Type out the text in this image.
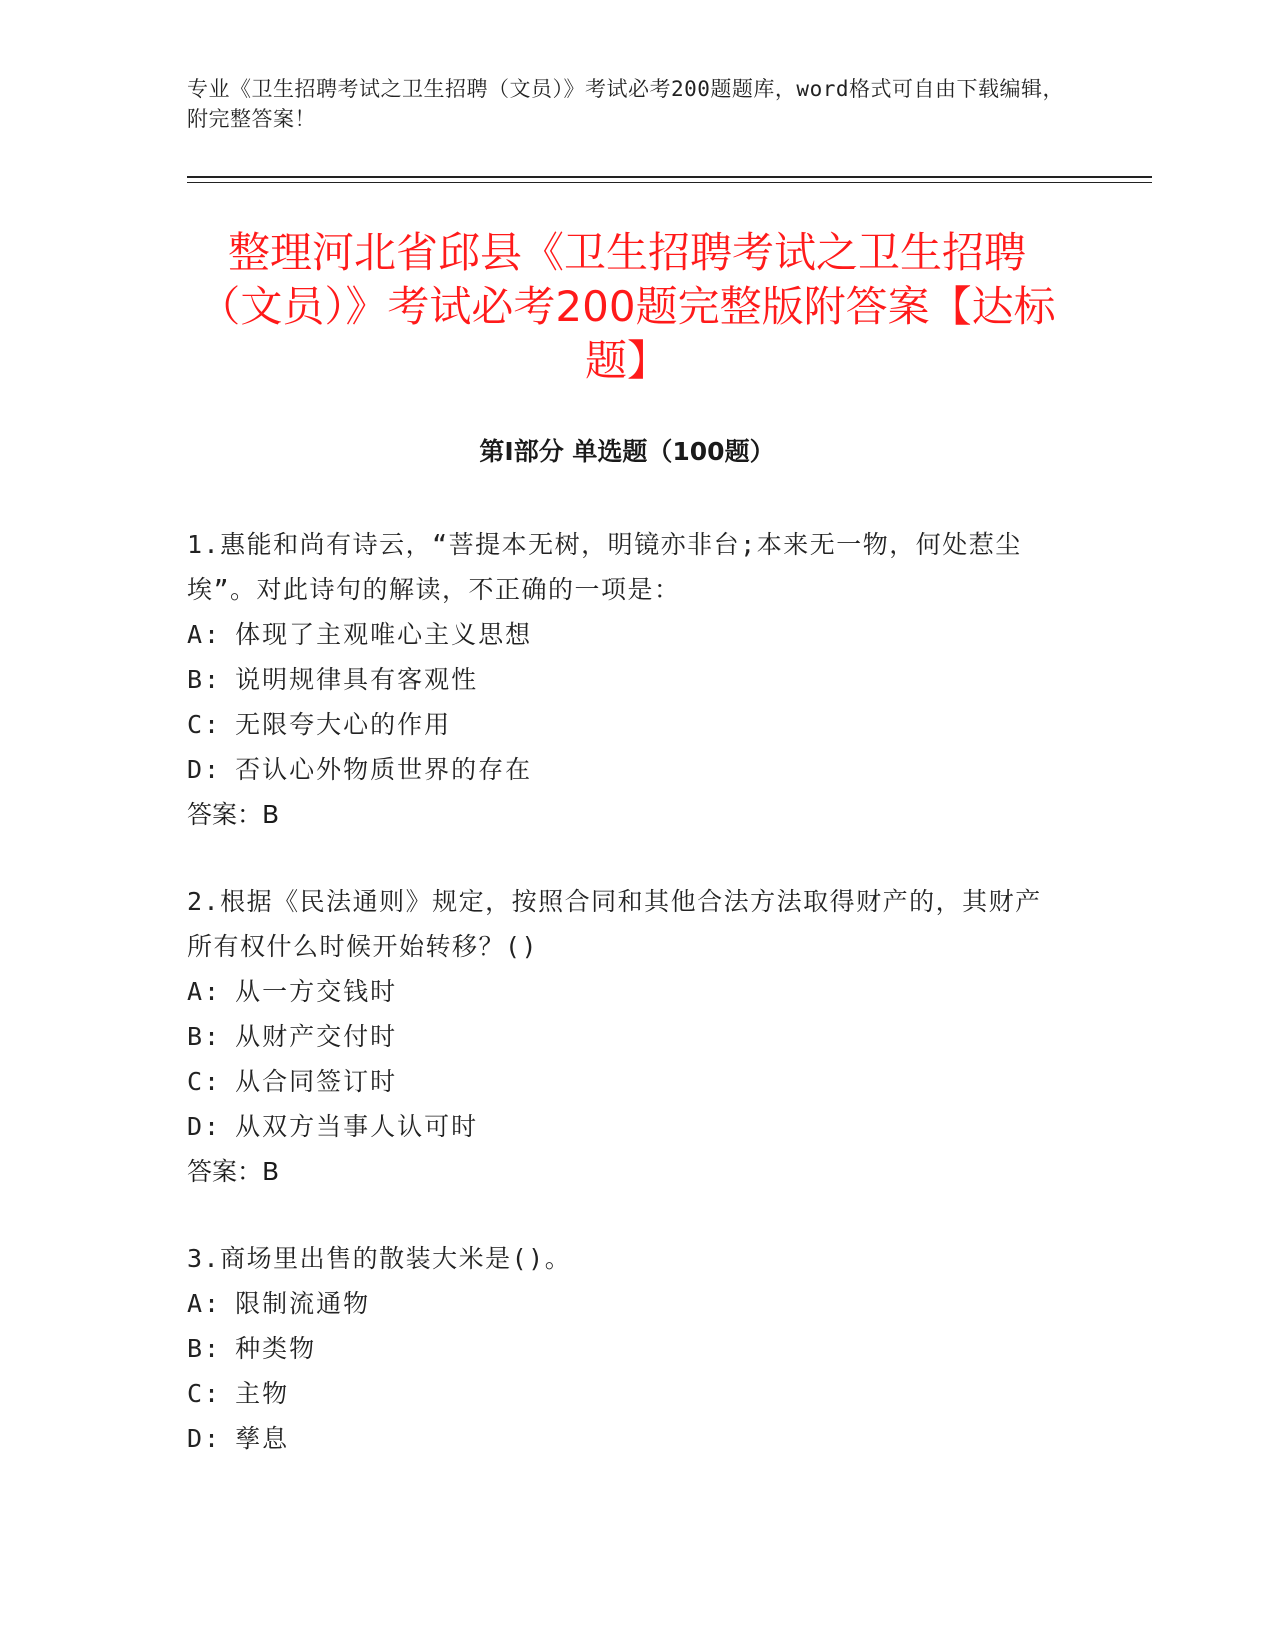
专业《卫生招聘考试之卫生招聘（文员）》考试必考200题题库，word格式可自由下载编辑，附完整答案！
整理河北省邱县《卫生招聘考试之卫生招聘（文员）》考试必考200题完整版附答案【达标题】
第I部分 单选题（100题）
1.惠能和尚有诗云，“菩提本无树，明镜亦非台;本来无一物，何处惹尘埃”。对此诗句的解读，不正确的一项是：
A: 体现了主观唯心主义思想
B: 说明规律具有客观性
C: 无限夸大心的作用
D: 否认心外物质世界的存在
答案：B
2.根据《民法通则》规定，按照合同和其他合法方法取得财产的，其财产所有权什么时候开始转移？()
A: 从一方交钱时
B: 从财产交付时
C: 从合同签订时
D: 从双方当事人认可时
答案：B
3.商场里出售的散装大米是()。
A: 限制流通物
B: 种类物
C: 主物
D: 孳息
